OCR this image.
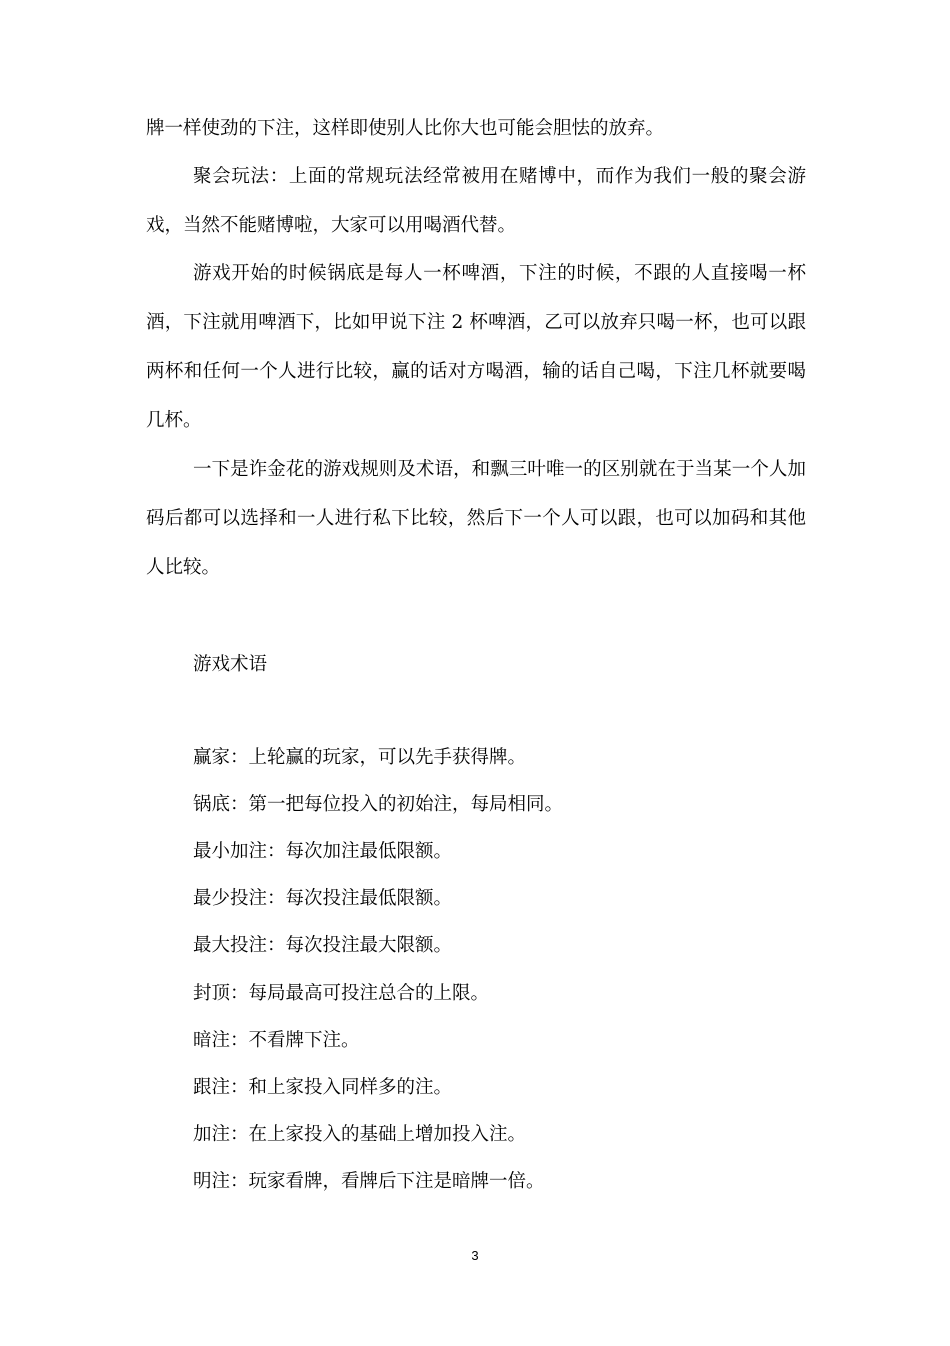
牌一样使劲的下注，这样即使别人比你大也可能会胆怯的放弃。

聚会玩法：上面的常规玩法经常被用在赌博中，而作为我们一般的聚会游戏，当然不能赌博啦，大家可以用喝酒代替。

游戏开始的时候锅底是每人一杯啤酒，下注的时候，不跟的人直接喝一杯酒，下注就用啤酒下，比如甲说下注 2 杯啤酒，乙可以放弃只喝一杯，也可以跟两杯和任何一个人进行比较，赢的话对方喝酒，输的话自己喝，下注几杯就要喝几杯。

一下是诈金花的游戏规则及术语，和飘三叶唯一的区别就在于当某一个人加码后都可以选择和一人进行私下比较，然后下一个人可以跟，也可以加码和其他人比较。

游戏术语

赢家：上轮赢的玩家，可以先手获得牌。

锅底：第一把每位投入的初始注，每局相同。

最小加注：每次加注最低限额。

最少投注：每次投注最低限额。

最大投注：每次投注最大限额。

封顶：每局最高可投注总合的上限。

暗注：不看牌下注。

跟注：和上家投入同样多的注。

加注：在上家投入的基础上增加投入注。

明注：玩家看牌，看牌后下注是暗牌一倍。

3
